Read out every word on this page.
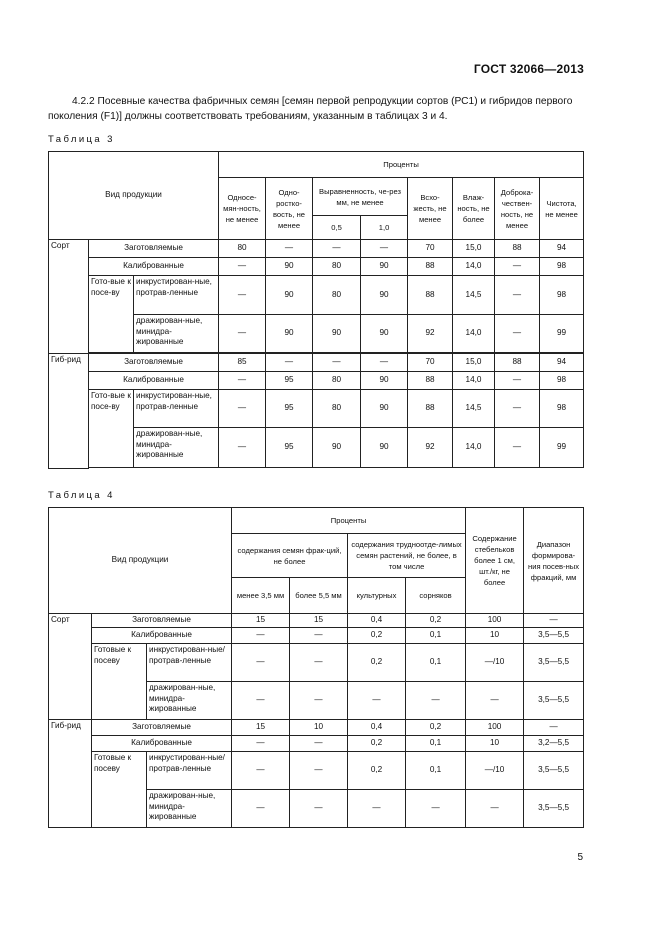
ГОСТ 32066—2013
4.2.2 Посевные качества фабричных семян [семян первой репродукции сортов (РС1) и гибридов первого поколения (F1)] должны соответствовать требованиям, указанным в таблицах 3 и 4.
Таблица 3
Вид продукции			Проценты							
			Односе-мян-ность, не менее	Одно-ростко-вость, не менее	Выравненность, че-рез мм, не менее		Всхо-жесть, не менее	Влаж-ность, не более	Доброка-чествен-ность, не менее	Чистота, не менее
					0,5	1,0				
Сорт	Заготовляемые		80	—	—	—	70	15,0	88	94
	Калиброванные		—	90	80	90	88	14,0	—	98
	Гото-вые к посе-ву	инкрустирован-ные, протрав-ленные	—	90	80	90	88	14,5	—	98
		дражирован-ные, минидра-жированные	—	90	90	90	92	14,0	—	99

Гиб-рид	Заготовляемые		85	—	—	—	70	15,0	88	94
	Калиброванные		—	95	80	90	88	14,0	—	98
	Гото-вые к посе-ву	инкрустирован-ные, протрав-ленные	—	95	80	90	88	14,5	—	98
		дражирован-ные, минидра-жированные	—	95	90	90	92	14,0	—	99

Таблица 4
Вид продукции			Проценты				Содержание стебельков более 1 см, шт./кг, не более	Диапазон формирова-ния посев-ных фракций, мм
			содержания семян фрак-ций, не более		содержания трудноотде-лимых семян растений, не более, в том числе			
			менее 3,5 мм	более 5,5 мм	культурных	сорняков		
Сорт	Заготовляемые		15	15	0,4	0,2	100	—
	Калиброванные		—	—	0,2	0,1	10	3,5—5,5
	Готовые к посеву	инкрустирован-ные/протрав-ленные	—	—	0,2	0,1	—/10	3,5—5,5
		дражирован-ные, минидра-жированные	—	—	—	—	—	3,5—5,5
Гиб-рид	Заготовляемые		15	10	0,4	0,2	100	—
	Калиброванные		—	—	0,2	0,1	10	3,2—5,5
	Готовые к посеву	инкрустирован-ные/протрав-ленные	—	—	0,2	0,1	—/10	3,5—5,5
		дражирован-ные, минидра-жированные	—	—	—	—	—	3,5—5,5
5
